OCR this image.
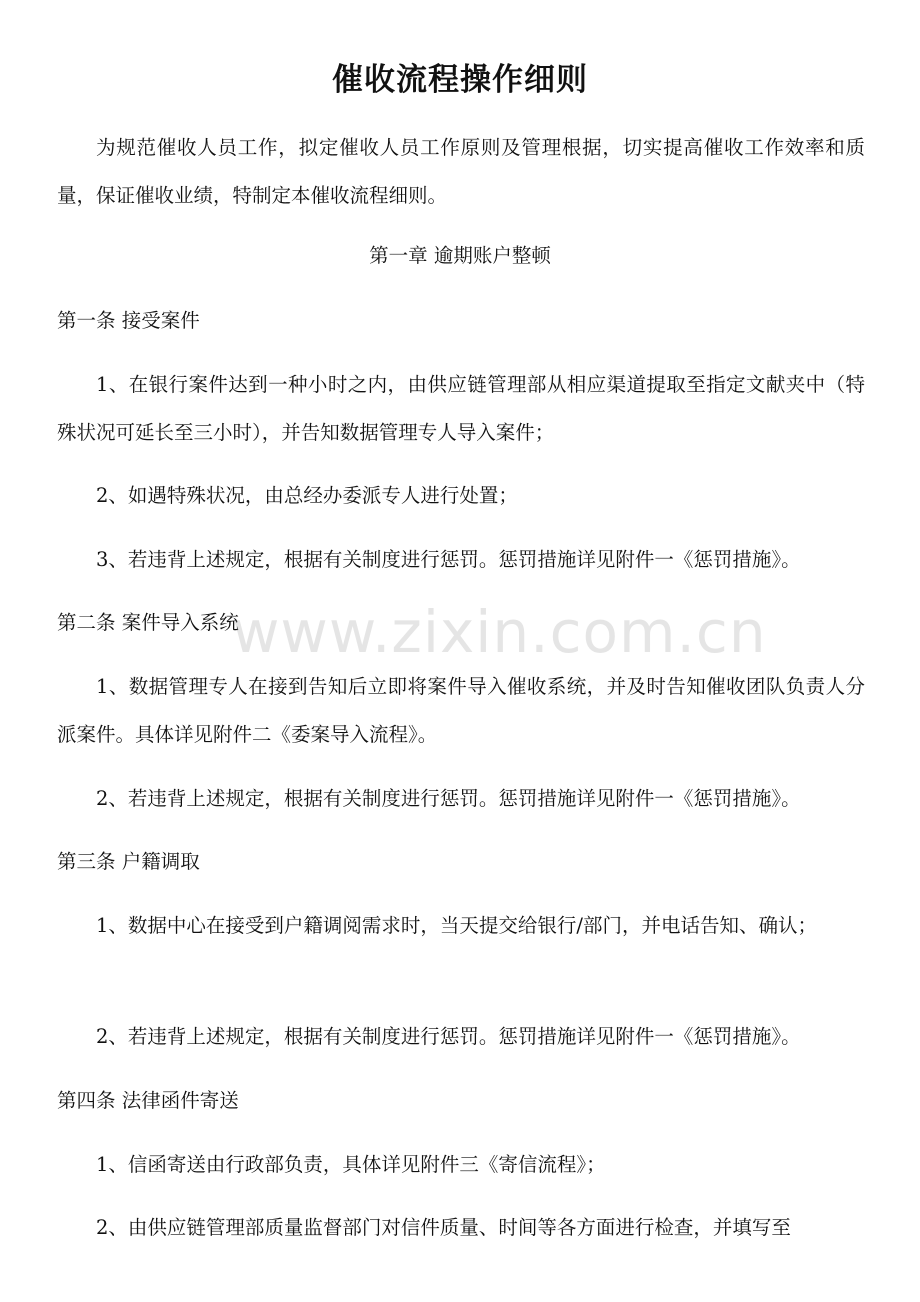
催收流程操作细则

为规范催收人员工作，拟定催收人员工作原则及管理根据，切实提高催收工作效率和质量，保证催收业绩，特制定本催收流程细则。

第一章 逾期账户整顿
第一条 接受案件

1、在银行案件达到一种小时之内，由供应链管理部从相应渠道提取至指定文献夹中（特殊状况可延长至三小时），并告知数据管理专人导入案件；

2、如遇特殊状况，由总经办委派专人进行处置；
3、若违背上述规定，根据有关制度进行惩罚。惩罚措施详见附件一《惩罚措施》。
第二条 案件导入系统

1、数据管理专人在接到告知后立即将案件导入催收系统，并及时告知催收团队负责人分派案件。具体详见附件二《委案导入流程》。

2、若违背上述规定，根据有关制度进行惩罚。惩罚措施详见附件一《惩罚措施》。
第三条 户籍调取

1、数据中心在接受到户籍调阅需求时，当天提交给银行/部门，并电话告知、确认；

2、若违背上述规定，根据有关制度进行惩罚。惩罚措施详见附件一《惩罚措施》。
第四条 法律函件寄送
1、信函寄送由行政部负责，具体详见附件三《寄信流程》；
2、由供应链管理部质量监督部门对信件质量、时间等各方面进行检查，并填写至
www.zixin.com.cn
